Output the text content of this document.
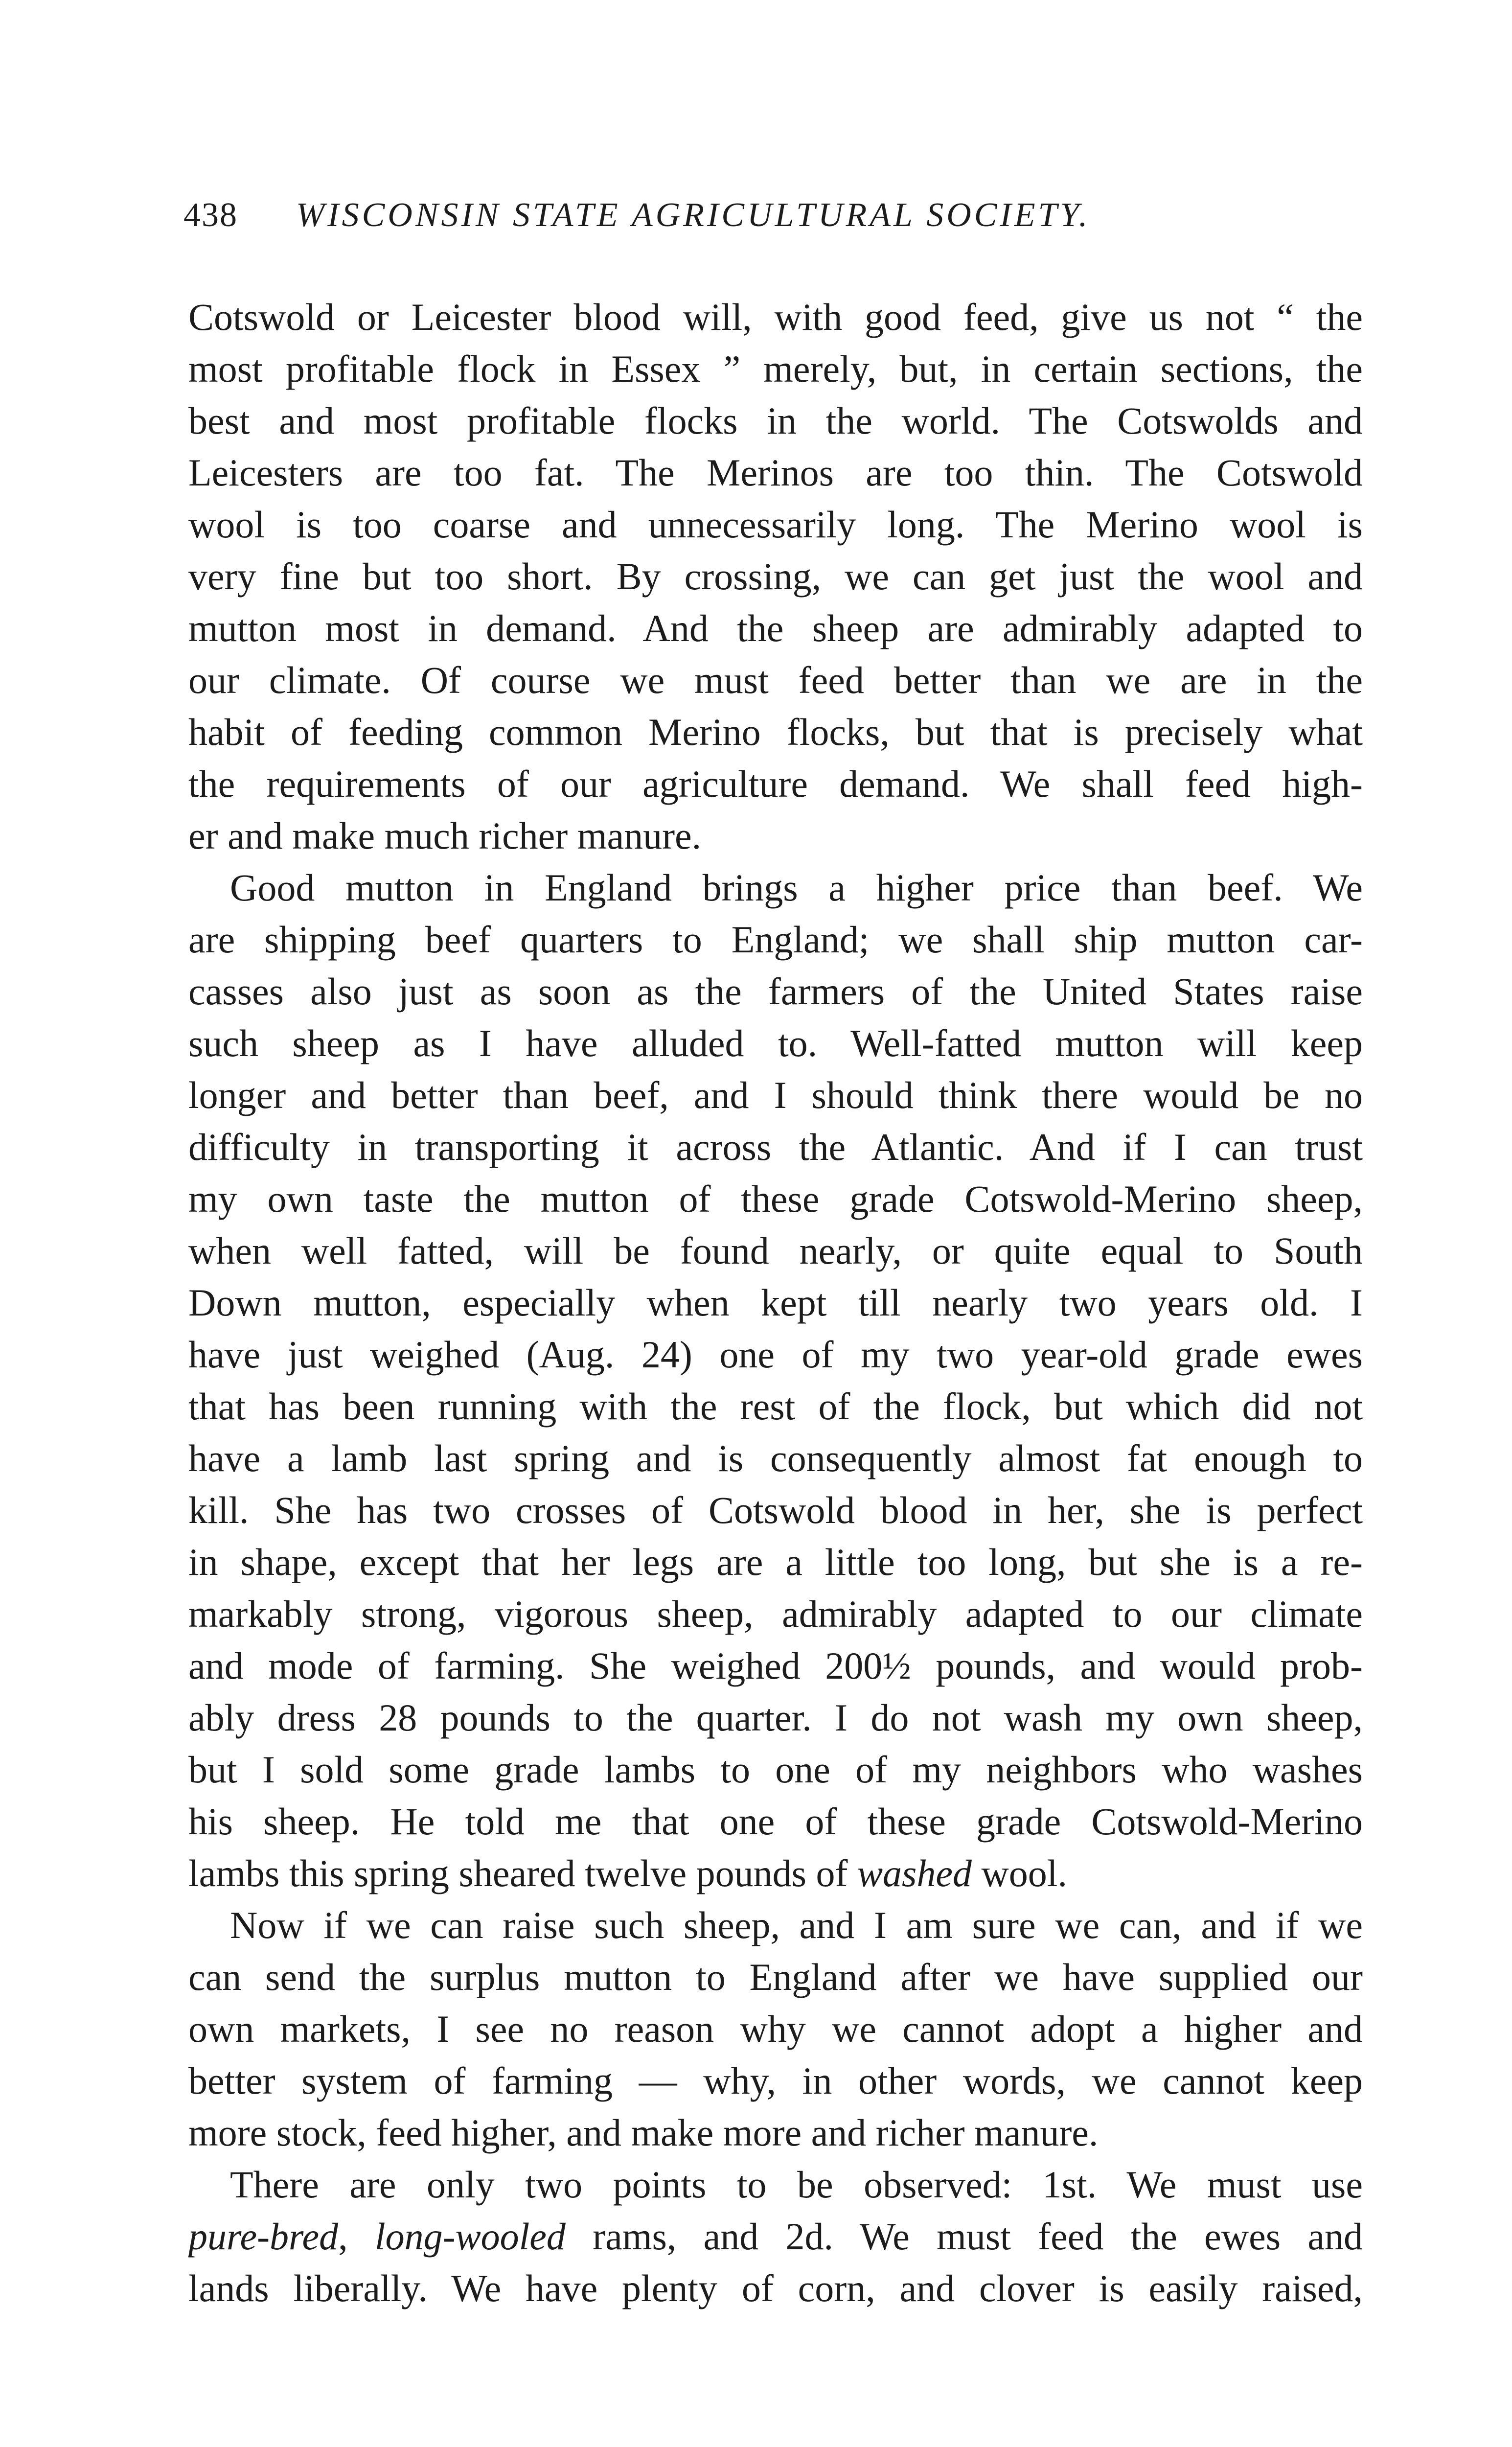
438 WISCONSIN STATE AGRICULTURAL SOCIETY.
Cotswold or Leicester blood will, with good feed, give us not “ the
most profitable flock in Essex ” merely, but, in certain sections, the
best and most profitable flocks in the world. The Cotswolds and
Leicesters are too fat. The Merinos are too thin. The Cotswold
wool is too coarse and unnecessarily long. The Merino wool is
very fine but too short. By crossing, we can get just the wool and
mutton most in demand. And the sheep are admirably adapted to
our climate. Of course we must feed better than we are in the
habit of feeding common Merino flocks, but that is precisely what
the requirements of our agriculture demand. We shall feed high-
er and make much richer manure.
Good mutton in England brings a higher price than beef. We
are shipping beef quarters to England; we shall ship mutton car-
casses also just as soon as the farmers of the United States raise
such sheep as I have alluded to. Well-fatted mutton will keep
longer and better than beef, and I should think there would be no
difficulty in transporting it across the Atlantic. And if I can trust
my own taste the mutton of these grade Cotswold-Merino sheep,
when well fatted, will be found nearly, or quite equal to South
Down mutton, especially when kept till nearly two years old. I
have just weighed (Aug. 24) one of my two year-old grade ewes
that has been running with the rest of the flock, but which did not
have a lamb last spring and is consequently almost fat enough to
kill. She has two crosses of Cotswold blood in her, she is perfect
in shape, except that her legs are a little too long, but she is a re-
markably strong, vigorous sheep, admirably adapted to our climate
and mode of farming. She weighed 200½ pounds, and would prob-
ably dress 28 pounds to the quarter. I do not wash my own sheep,
but I sold some grade lambs to one of my neighbors who washes
his sheep. He told me that one of these grade Cotswold-Merino
lambs this spring sheared twelve pounds of washed wool.
Now if we can raise such sheep, and I am sure we can, and if we
can send the surplus mutton to England after we have supplied our
own markets, I see no reason why we cannot adopt a higher and
better system of farming — why, in other words, we cannot keep
more stock, feed higher, and make more and richer manure.
There are only two points to be observed: 1st. We must use
pure-bred, long-wooled rams, and 2d. We must feed the ewes and
lands liberally. We have plenty of corn, and clover is easily raised,
